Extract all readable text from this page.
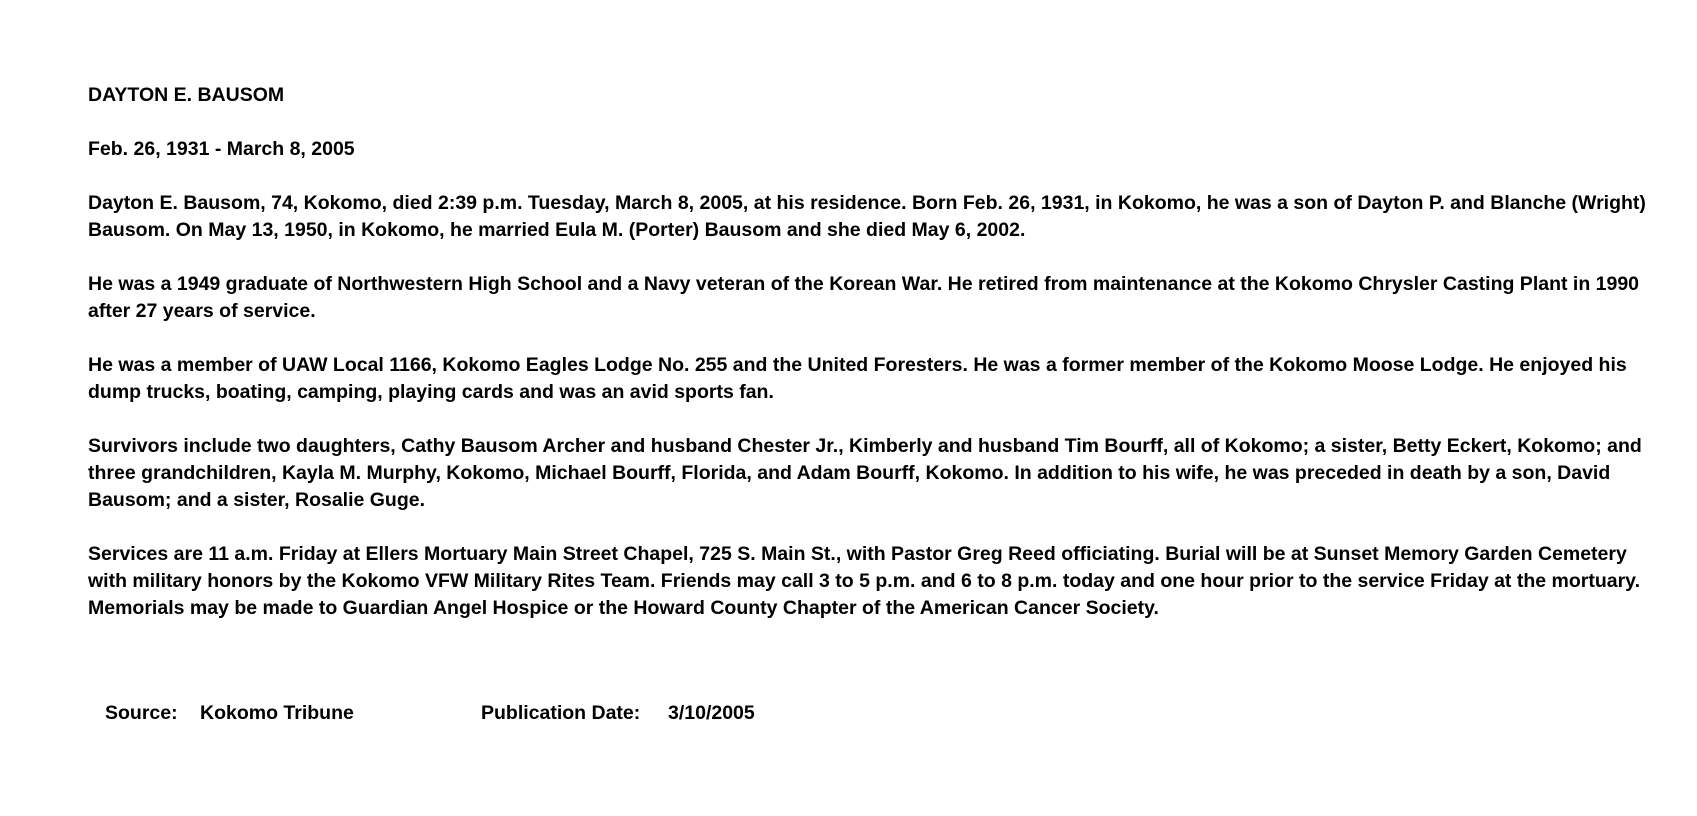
DAYTON E. BAUSOM

Feb. 26, 1931 - March 8, 2005

Dayton E. Bausom, 74, Kokomo, died 2:39 p.m. Tuesday, March 8, 2005, at his residence. Born Feb. 26, 1931, in Kokomo, he was a son of Dayton P. and Blanche (Wright) Bausom. On May 13, 1950, in Kokomo, he married Eula M. (Porter) Bausom and she died May 6, 2002.

He was a 1949 graduate of Northwestern High School and a Navy veteran of the Korean War. He retired from maintenance at the Kokomo Chrysler Casting Plant in 1990 after 27 years of service.

He was a member of UAW Local 1166, Kokomo Eagles Lodge No. 255 and the United Foresters. He was a former member of the Kokomo Moose Lodge. He enjoyed his dump trucks, boating, camping, playing cards and was an avid sports fan.

Survivors include two daughters, Cathy Bausom Archer and husband Chester Jr., Kimberly and husband Tim Bourff, all of Kokomo; a sister, Betty Eckert, Kokomo; and three grandchildren, Kayla M. Murphy, Kokomo, Michael Bourff, Florida, and Adam Bourff, Kokomo. In addition to his wife, he was preceded in death by a son, David Bausom; and a sister, Rosalie Guge.

Services are 11 a.m. Friday at Ellers Mortuary Main Street Chapel, 725 S. Main St., with Pastor Greg Reed officiating. Burial will be at Sunset Memory Garden Cemetery with military honors by the Kokomo VFW Military Rites Team. Friends may call 3 to 5 p.m. and 6 to 8 p.m. today and one hour prior to the service Friday at the mortuary. Memorials may be made to Guardian Angel Hospice or the Howard County Chapter of the American Cancer Society.

Source: Kokomo Tribune	Publication Date: 3/10/2005
